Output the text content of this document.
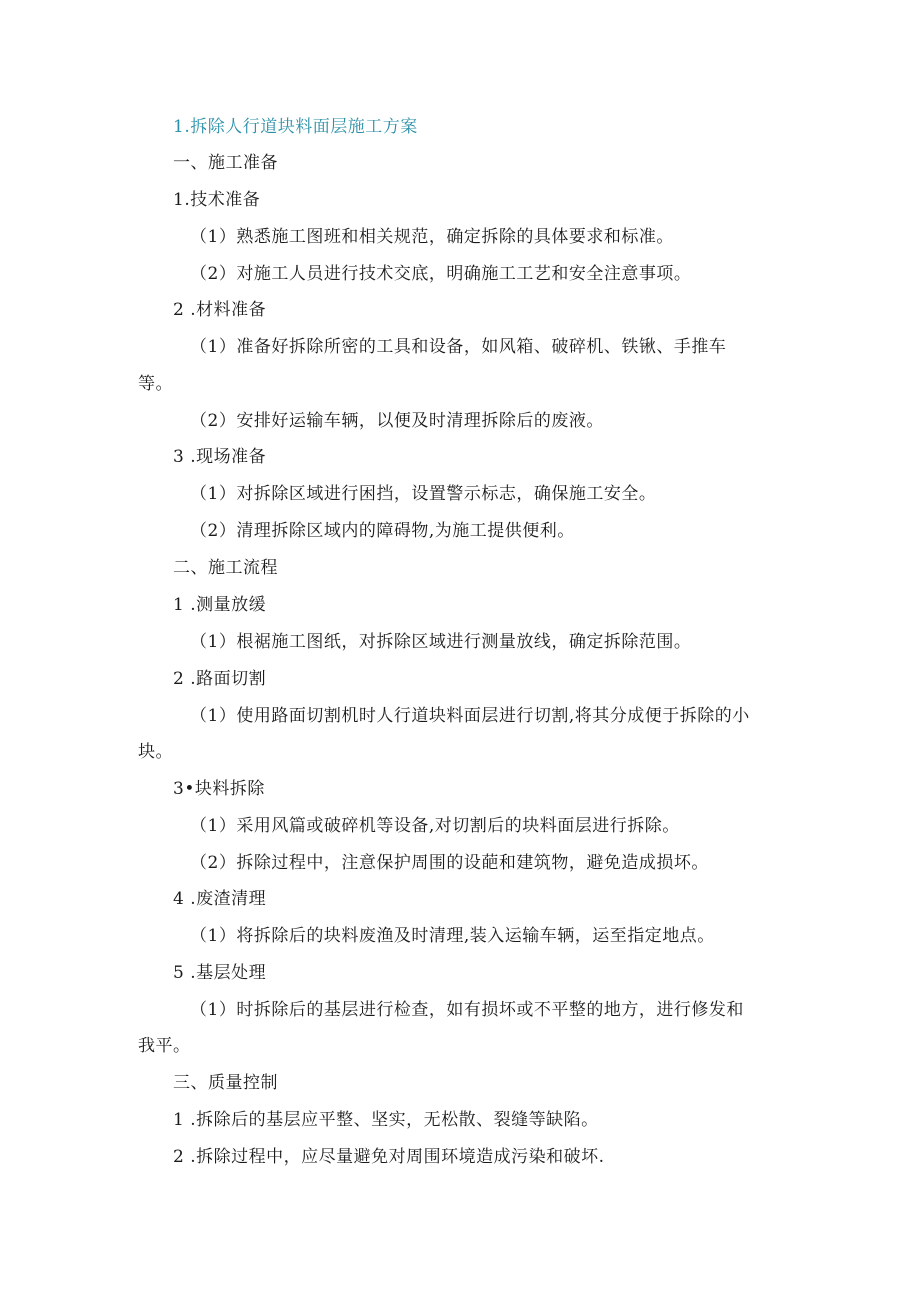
1.拆除人行道块料面层施工方案

一、施工准备

1.技术准备

（1）熟悉施工图班和相关规范，确定拆除的具体要求和标准。

（2）对施工人员进行技术交底，明确施工工艺和安全注意事项。

2 .材料准备

（1）准备好拆除所密的工具和设备，如风箱、破碎机、铁锹、手推车

等。

（2）安排好运输车辆，以便及时清理拆除后的废液。

3 .现场准备

（1）对拆除区域进行困挡，设置警示标志，确保施工安全。

（2）清理拆除区域内的障碍物,为施工提供便利。

二、施工流程

1 .测量放缓

（1）根裾施工图纸，对拆除区域进行测量放线，确定拆除范围。

2 .路面切割

（1）使用路面切割机时人行道块料面层进行切割,将其分成便于拆除的小

块。

3•块料拆除

（1）采用风篇或破碎机等设备,对切割后的块料面层进行拆除。

（2）拆除过程中，注意保护周围的设葩和建筑物，避免造成损坏。

4 .废渣清理

（1）将拆除后的块料废渔及时清理,装入运输车辆，运至指定地点。

5 .基层处理

（1）时拆除后的基层进行检查，如有损坏或不平整的地方，进行修发和

我平。

三、质量控制

1 .拆除后的基层应平整、坚实，无松散、裂缝等缺陷。

2 .拆除过程中，应尽量避免对周围环境造成污染和破坏.
